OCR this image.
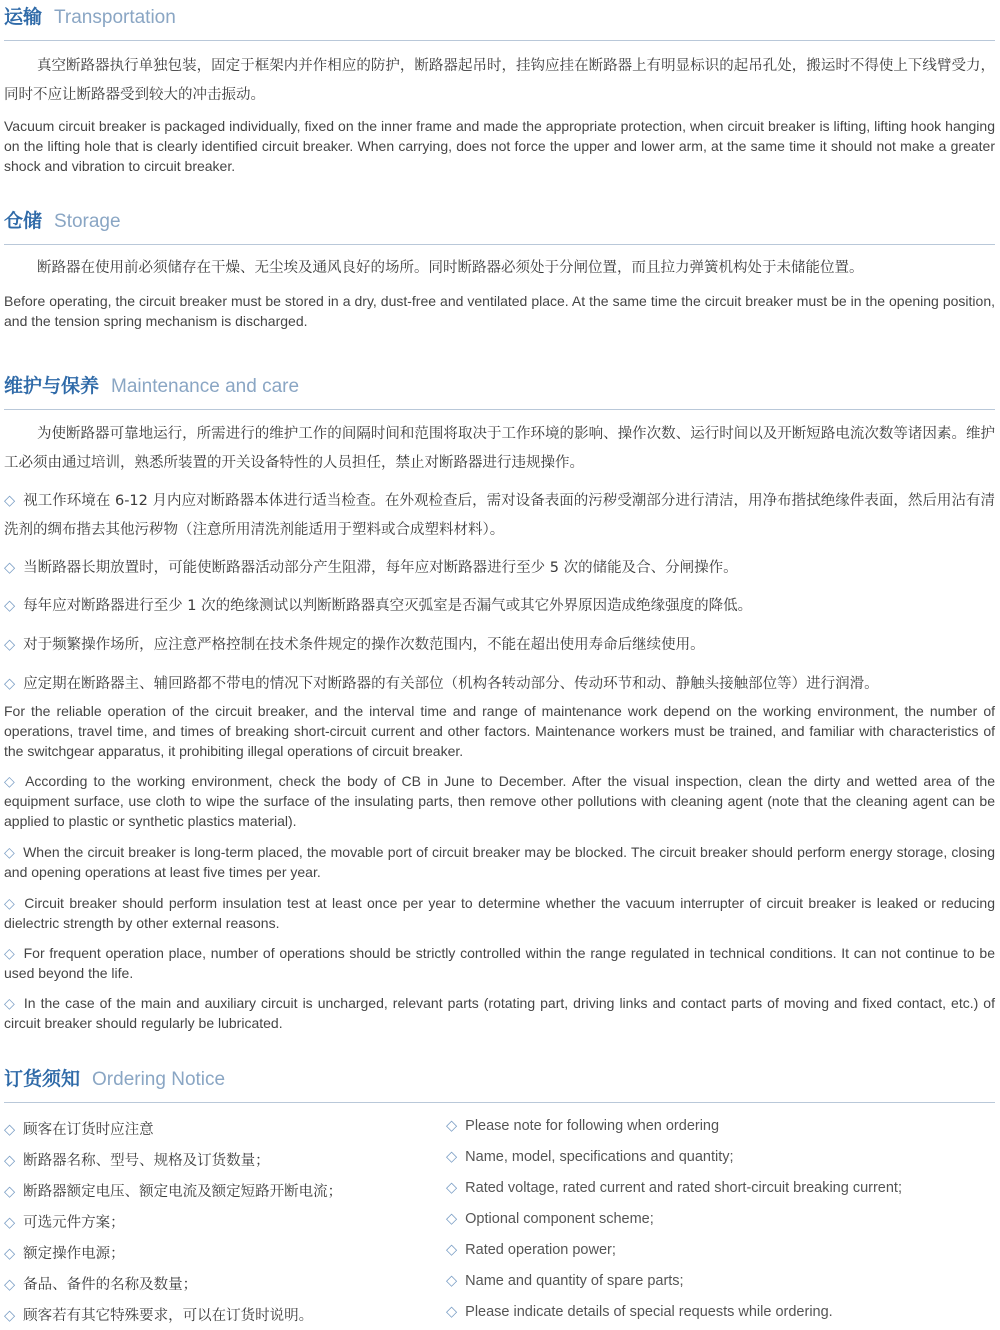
运输 Transportation

真空断路器执行单独包装，固定于框架内并作相应的防护，断路器起吊时，挂钩应挂在断路器上有明显标识的起吊孔处，搬运时不得使上下线臂受力，同时不应让断路器受到较大的冲击振动。

Vacuum circuit breaker is packaged individually, fixed on the inner frame and made the appropriate protection, when circuit breaker is lifting, lifting hook hanging on the lifting hole that is clearly identified circuit breaker. When carrying, does not force the upper and lower arm, at the same time it should not make a greater shock and vibration to circuit breaker.

仓储 Storage

断路器在使用前必须储存在干燥、无尘埃及通风良好的场所。同时断路器必须处于分闸位置，而且拉力弹簧机构处于未储能位置。

Before operating, the circuit breaker must be stored in a dry, dust-free and ventilated place. At the same time the circuit breaker must be in the opening position, and the tension spring mechanism is discharged.

维护与保养 Maintenance and care

为使断路器可靠地运行，所需进行的维护工作的间隔时间和范围将取决于工作环境的影响、操作次数、运行时间以及开断短路电流次数等诸因素。维护工必须由通过培训，熟悉所装置的开关设备特性的人员担任，禁止对断路器进行违规操作。

◇ 视工作环境在 6-12 月内应对断路器本体进行适当检查。在外观检查后，需对设备表面的污秽受潮部分进行清洁，用净布揩拭绝缘件表面，然后用沾有清洗剂的绸布揩去其他污秽物（注意所用清洗剂能适用于塑料或合成塑料材料）。

◇ 当断路器长期放置时，可能使断路器活动部分产生阻滞，每年应对断路器进行至少 5 次的储能及合、分闸操作。

◇ 每年应对断路器进行至少 1 次的绝缘测试以判断断路器真空灭弧室是否漏气或其它外界原因造成绝缘强度的降低。

◇ 对于频繁操作场所，应注意严格控制在技术条件规定的操作次数范围内，不能在超出使用寿命后继续使用。

◇ 应定期在断路器主、辅回路都不带电的情况下对断路器的有关部位（机构各转动部分、传动环节和动、静触头接触部位等）进行润滑。

For the reliable operation of the circuit breaker, and the interval time and range of maintenance work depend on the working environment, the number of operations, travel time, and times of breaking short-circuit current and other factors. Maintenance workers must be trained, and familiar with characteristics of the switchgear apparatus, it prohibiting illegal operations of circuit breaker.

◇ According to the working environment, check the body of CB in June to December. After the visual inspection, clean the dirty and wetted area of the equipment surface, use cloth to wipe the surface of the insulating parts, then remove other pollutions with cleaning agent (note that the cleaning agent can be applied to plastic or synthetic plastics material).

◇ When the circuit breaker is long-term placed, the movable port of circuit breaker may be blocked. The circuit breaker should perform energy storage, closing and opening operations at least five times per year.

◇ Circuit breaker should perform insulation test at least once per year to determine whether the vacuum interrupter of circuit breaker is leaked or reducing dielectric strength by other external reasons.

◇ For frequent operation place, number of operations should be strictly controlled within the range regulated in technical conditions. It can not continue to be used beyond the life.

◇ In the case of the main and auxiliary circuit is uncharged, relevant parts (rotating part, driving links and contact parts of moving and fixed contact, etc.) of circuit breaker should regularly be lubricated.

订货须知 Ordering Notice
◇ 顾客在订货时应注意
◇ 断路器名称、型号、规格及订货数量；
◇ 断路器额定电压、额定电流及额定短路开断电流；
◇ 可选元件方案；
◇ 额定操作电源；
◇ 备品、备件的名称及数量；
◇ 顾客若有其它特殊要求，可以在订货时说明。
◇ Please note for following when ordering
◇ Name, model, specifications and quantity;
◇ Rated voltage, rated current and rated short-circuit breaking current;
◇ Optional component scheme;
◇ Rated operation power;
◇ Name and quantity of spare parts;
◇ Please indicate details of special requests while ordering.
